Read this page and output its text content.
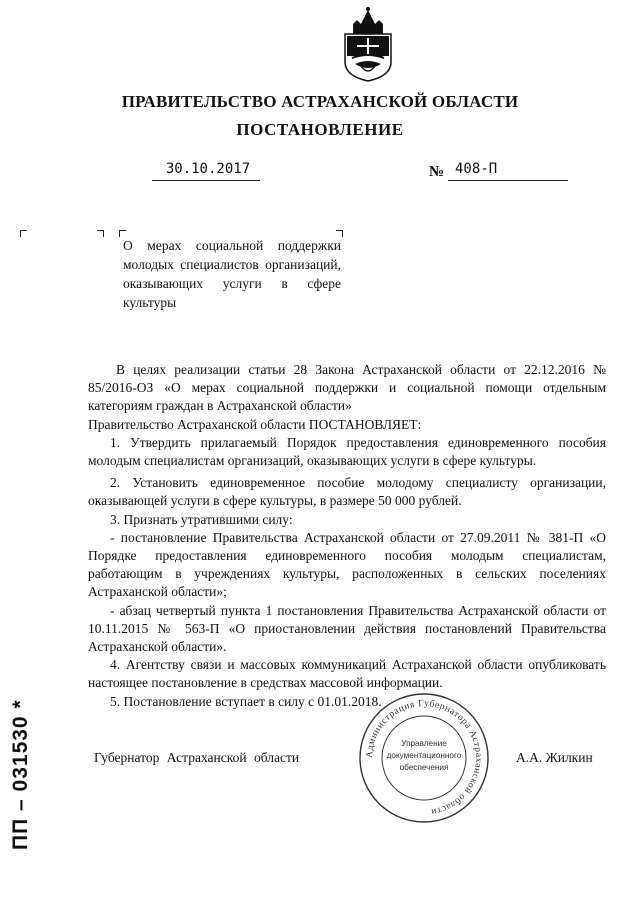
ПРАВИТЕЛЬСТВО АСТРАХАНСКОЙ ОБЛАСТИ
ПОСТАНОВЛЕНИЕ
30.10.2017	№ 408-П
О мерах социальной поддержки молодых специалистов организаций, оказывающих услуги в сфере культуры

В целях реализации статьи 28 Закона Астраханской области от 22.12.2016 № 85/2016-ОЗ «О мерах социальной поддержки и социальной помощи отдельным категориям граждан в Астраханской области»

Правительство Астраханской области ПОСТАНОВЛЯЕТ:

1. Утвердить прилагаемый Порядок предоставления единовременного пособия молодым специалистам организаций, оказывающих услуги в сфере культуры.

2. Установить единовременное пособие молодому специалисту организации, оказывающей услуги в сфере культуры, в размере 50 000 рублей.

3. Признать утратившими силу:

- постановление Правительства Астраханской области от 27.09.2011 № 381-П «О Порядке предоставления единовременного пособия молодым специалистам, работающим в учреждениях культуры, расположенных в сельских поселениях Астраханской области»;

- абзац четвертый пункта 1 постановления Правительства Астраханской области от 10.11.2015 № 563-П «О приостановлении действия постановлений Правительства Астраханской области».

4. Агентству связи и массовых коммуникаций Астраханской области опубликовать настоящее постановление в средствах массовой информации.

5. Постановление вступает в силу с 01.01.2018.

Губернатор Астраханской области	А.А. Жилкин
Администрация Губернатора Астраханской области
Управление
документационного
обеспечения
ПП – 031530 *
